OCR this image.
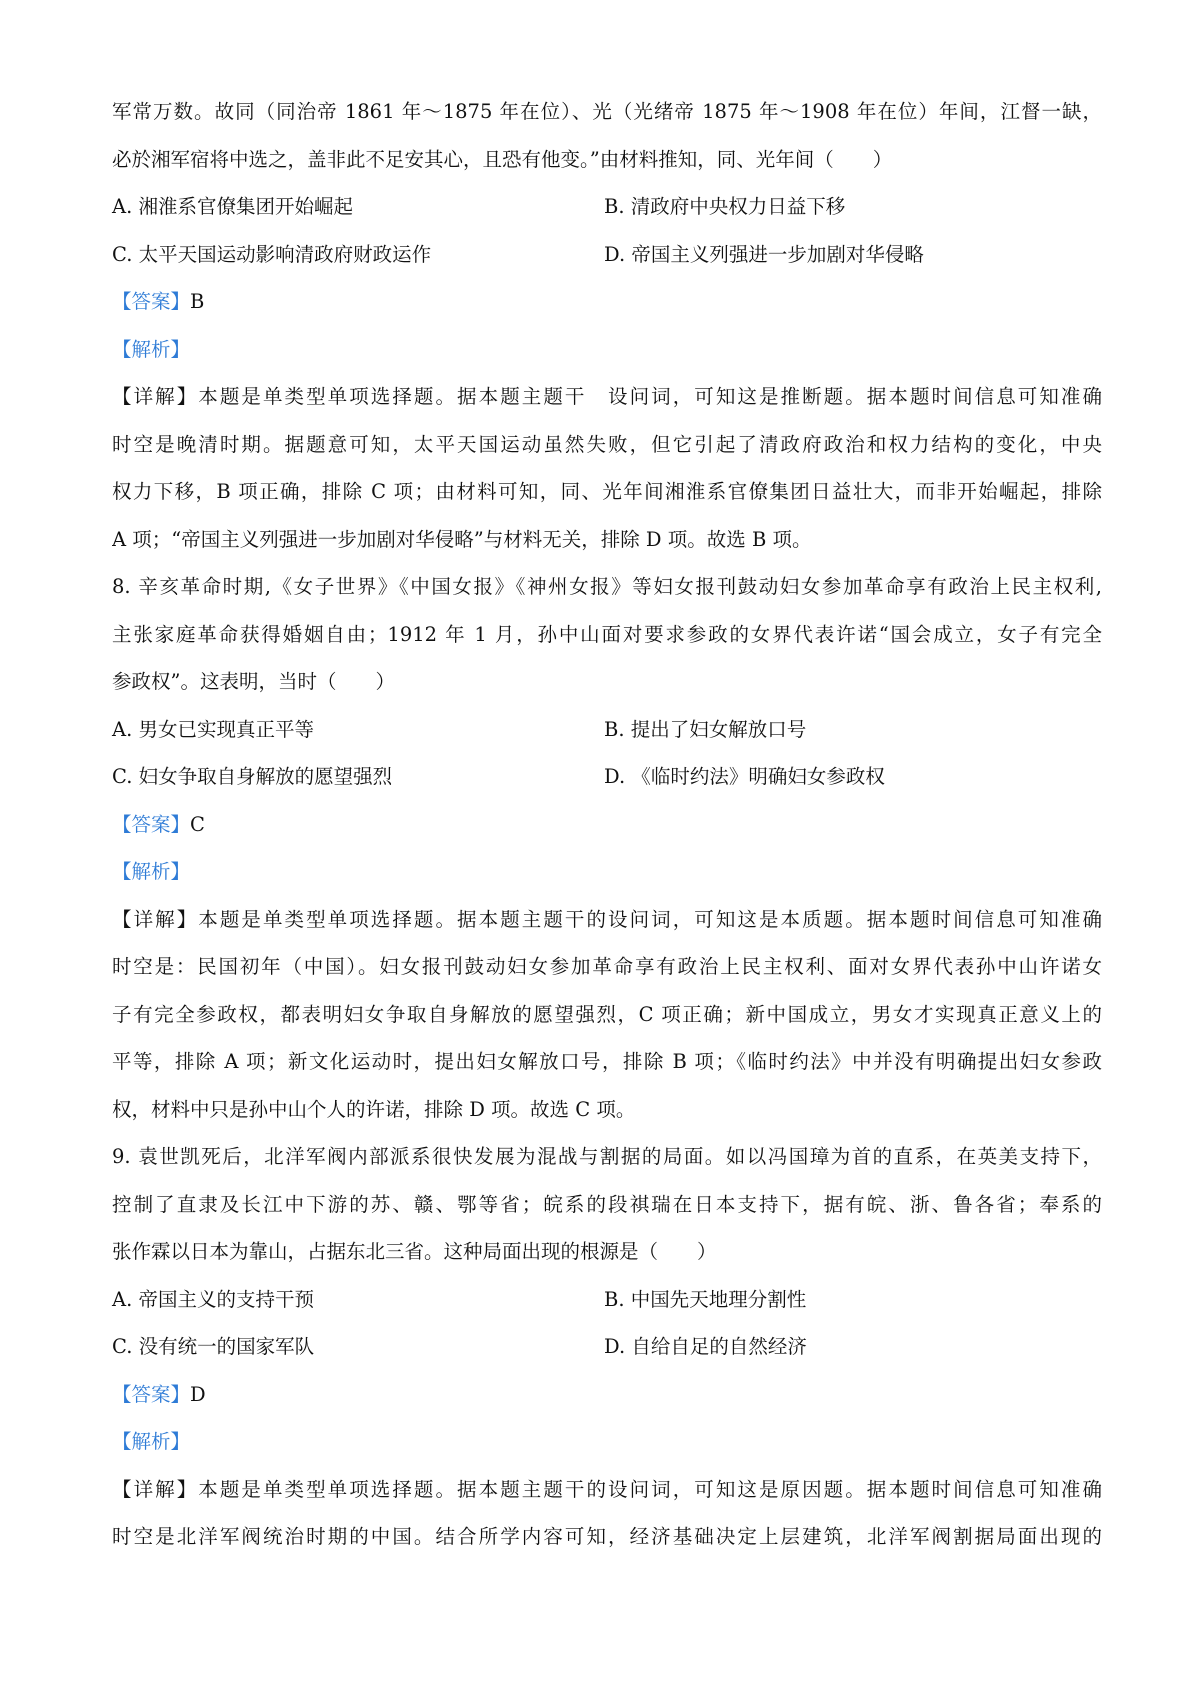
军常万数。故同（同治帝 1861 年～1875 年在位）、光（光绪帝 1875 年～1908 年在位）年间，江督一缺，
必於湘军宿将中选之，盖非此不足安其心，且恐有他变。”由材料推知，同、光年间（　　）
A. 湘淮系官僚集团开始崛起	B. 清政府中央权力日益下移
C. 太平天国运动影响清政府财政运作	D. 帝国主义列强进一步加剧对华侵略
【答案】B
【解析】
【详解】本题是单类型单项选择题。据本题主题干　设问词，可知这是推断题。据本题时间信息可知准确
时空是晚清时期。据题意可知，太平天国运动虽然失败，但它引起了清政府政治和权力结构的变化，中央
权力下移，B 项正确，排除 C 项；由材料可知，同、光年间湘淮系官僚集团日益壮大，而非开始崛起，排除
A 项；“帝国主义列强进一步加剧对华侵略”与材料无关，排除 D 项。故选 B 项。
8. 辛亥革命时期,《女子世界》《中国女报》《神州女报》等妇女报刊鼓动妇女参加革命享有政治上民主权利,
主张家庭革命获得婚姻自由；1912 年 1 月，孙中山面对要求参政的女界代表许诺“国会成立，女子有完全
参政权”。这表明，当时（　　）
A. 男女已实现真正平等	B. 提出了妇女解放口号
C. 妇女争取自身解放的愿望强烈	D. 《临时约法》明确妇女参政权
【答案】C
【解析】
【详解】本题是单类型单项选择题。据本题主题干的设问词，可知这是本质题。据本题时间信息可知准确
时空是：民国初年（中国）。妇女报刊鼓动妇女参加革命享有政治上民主权利、面对女界代表孙中山许诺女
子有完全参政权，都表明妇女争取自身解放的愿望强烈，C 项正确；新中国成立，男女才实现真正意义上的
平等，排除 A 项；新文化运动时，提出妇女解放口号，排除 B 项；《临时约法》中并没有明确提出妇女参政
权，材料中只是孙中山个人的许诺，排除 D 项。故选 C 项。
9. 袁世凯死后，北洋军阀内部派系很快发展为混战与割据的局面。如以冯国璋为首的直系，在英美支持下，
控制了直隶及长江中下游的苏、赣、鄂等省；皖系的段祺瑞在日本支持下，据有皖、浙、鲁各省；奉系的
张作霖以日本为靠山，占据东北三省。这种局面出现的根源是（　　）
A. 帝国主义的支持干预	B. 中国先天地理分割性
C. 没有统一的国家军队	D. 自给自足的自然经济
【答案】D
【解析】
【详解】本题是单类型单项选择题。据本题主题干的设问词，可知这是原因题。据本题时间信息可知准确
时空是北洋军阀统治时期的中国。结合所学内容可知，经济基础决定上层建筑，北洋军阀割据局面出现的
